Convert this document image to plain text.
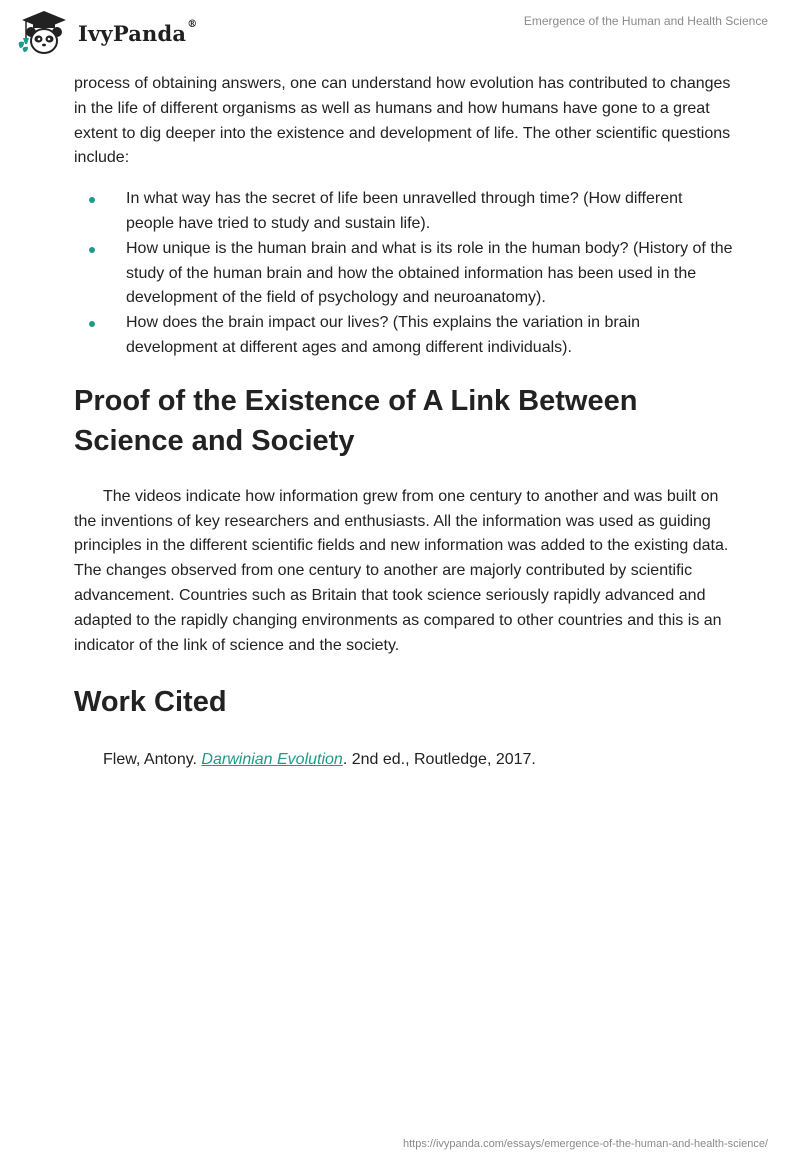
IvyPanda®	Emergence of the Human and Health Science

process of obtaining answers, one can understand how evolution has contributed to changes in the life of different organisms as well as humans and how humans have gone to a great extent to dig deeper into the existence and development of life. The other scientific questions include:

In what way has the secret of life been unravelled through time? (How different people have tried to study and sustain life).
How unique is the human brain and what is its role in the human body? (History of the study of the human brain and how the obtained information has been used in the development of the field of psychology and neuroanatomy).
How does the brain impact our lives? (This explains the variation in brain development at different ages and among different individuals).
Proof of the Existence of A Link Between Science and Society

The videos indicate how information grew from one century to another and was built on the inventions of key researchers and enthusiasts. All the information was used as guiding principles in the different scientific fields and new information was added to the existing data. The changes observed from one century to another are majorly contributed by scientific advancement. Countries such as Britain that took science seriously rapidly advanced and adapted to the rapidly changing environments as compared to other countries and this is an indicator of the link of science and the society.

Work Cited

Flew, Antony. Darwinian Evolution. 2nd ed., Routledge, 2017.

https://ivypanda.com/essays/emergence-of-the-human-and-health-science/
